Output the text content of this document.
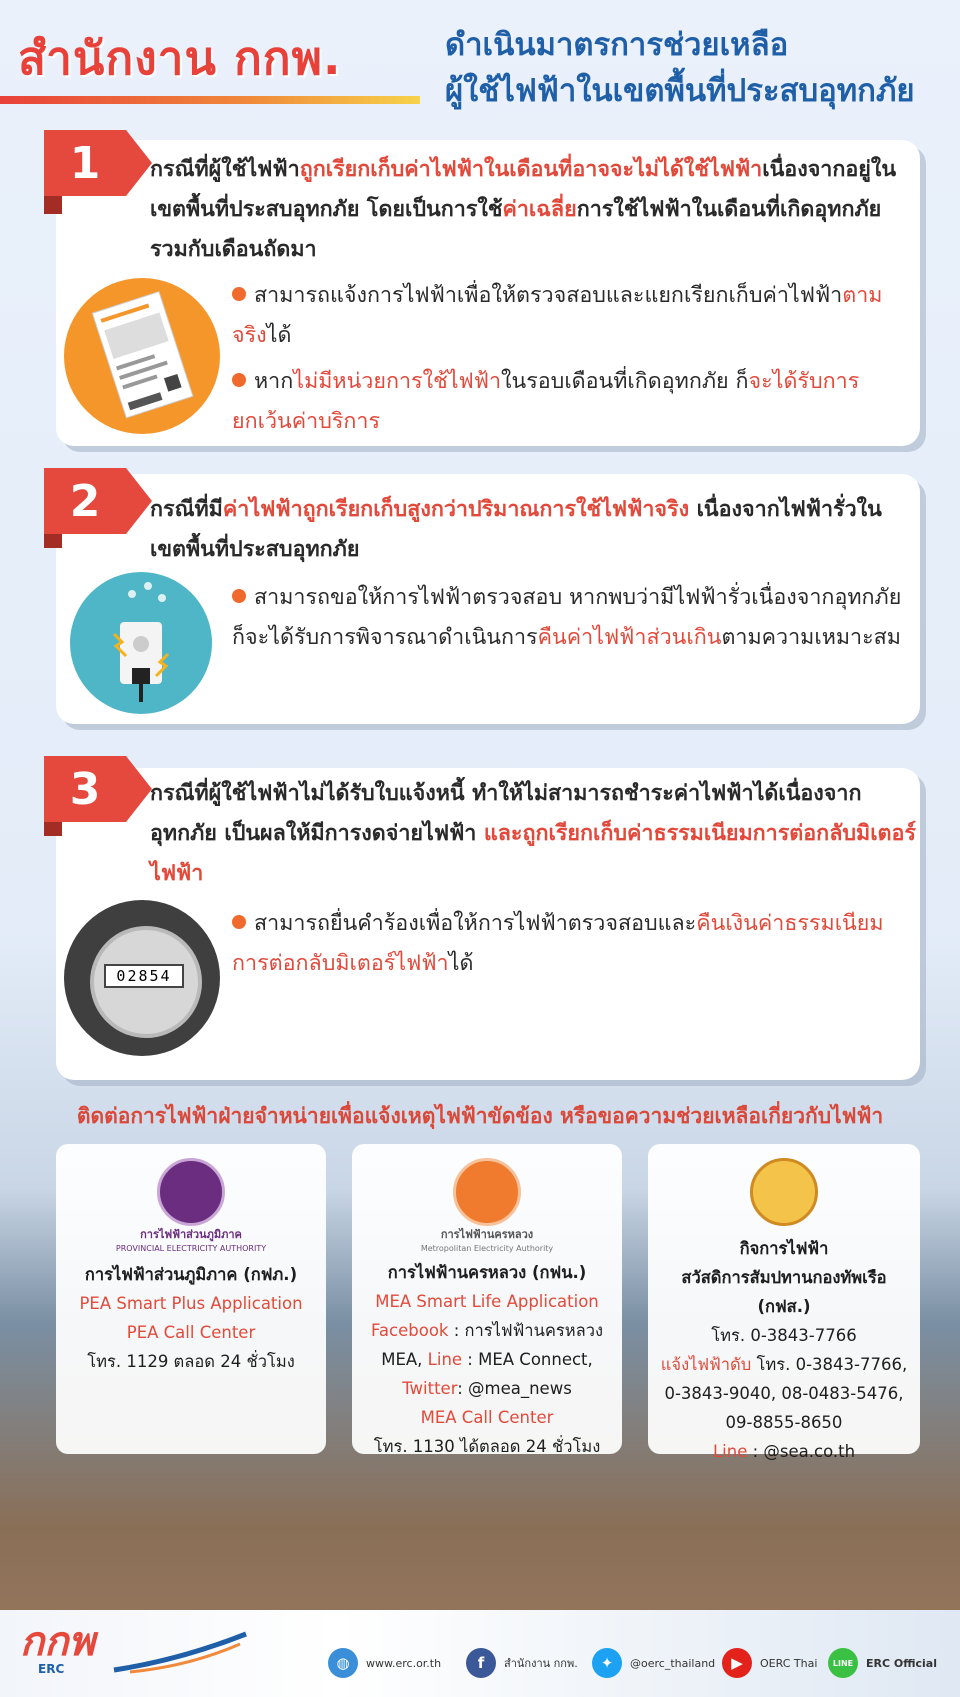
สำนักงาน กกพ.	ดำเนินมาตรการช่วยเหลือ
ผู้ใช้ไฟฟ้าในเขตพื้นที่ประสบอุทกภัย
1	กรณีที่ผู้ใช้ไฟฟ้าถูกเรียกเก็บค่าไฟฟ้าในเดือนที่อาจจะไม่ได้ใช้ไฟฟ้าเนื่องจากอยู่ในเขตพื้นที่ประสบอุทกภัย โดยเป็นการใช้ค่าเฉลี่ยการใช้ไฟฟ้าในเดือนที่เกิดอุทกภัยรวมกับเดือนถัดมา
สามารถแจ้งการไฟฟ้าเพื่อให้ตรวจสอบและแยกเรียกเก็บค่าไฟฟ้าตามจริงได้
หากไม่มีหน่วยการใช้ไฟฟ้าในรอบเดือนที่เกิดอุทกภัย ก็จะได้รับการยกเว้นค่าบริการ
2	กรณีที่มีค่าไฟฟ้าถูกเรียกเก็บสูงกว่าปริมาณการใช้ไฟฟ้าจริง เนื่องจากไฟฟ้ารั่วในเขตพื้นที่ประสบอุทกภัย
สามารถขอให้การไฟฟ้าตรวจสอบ หากพบว่ามีไฟฟ้ารั่วเนื่องจากอุทกภัยก็จะได้รับการพิจารณาดำเนินการคืนค่าไฟฟ้าส่วนเกินตามความเหมาะสม
3	กรณีที่ผู้ใช้ไฟฟ้าไม่ได้รับใบแจ้งหนี้ ทำให้ไม่สามารถชำระค่าไฟฟ้าได้เนื่องจากอุทกภัย เป็นผลให้มีการงดจ่ายไฟฟ้า และถูกเรียกเก็บค่าธรรมเนียมการต่อกลับมิเตอร์ไฟฟ้า
02854
สามารถยื่นคำร้องเพื่อให้การไฟฟ้าตรวจสอบและคืนเงินค่าธรรมเนียมการต่อกลับมิเตอร์ไฟฟ้าได้
ติดต่อการไฟฟ้าฝ่ายจำหน่ายเพื่อแจ้งเหตุไฟฟ้าขัดข้อง หรือขอความช่วยเหลือเกี่ยวกับไฟฟ้า
การไฟฟ้าส่วนภูมิภาค
PROVINCIAL ELECTRICITY AUTHORITY
การไฟฟ้าส่วนภูมิภาค (กฟภ.)
PEA Smart Plus Application
PEA Call Center
โทร. 1129 ตลอด 24 ชั่วโมง
การไฟฟ้านครหลวง
Metropolitan Electricity Authority
การไฟฟ้านครหลวง (กฟน.)
MEA Smart Life Application
Facebook : การไฟฟ้านครหลวง
MEA, Line : MEA Connect,
Twitter: @mea_news
MEA Call Center
โทร. 1130 ได้ตลอด 24 ชั่วโมง
กิจการไฟฟ้า
สวัสดิการสัมปทานกองทัพเรือ
(กฟส.)
โทร. 0-3843-7766
แจ้งไฟฟ้าดับ โทร. 0-3843-7766,
0-3843-9040, 08-0483-5476,
09-8855-8650
Line : @sea.co.th
กกพ
ERC	◍	www.erc.or.th	f	สำนักงาน กกพ.	✦	@oerc_thailand	▶	OERC Thai	LINE	ERC Official
